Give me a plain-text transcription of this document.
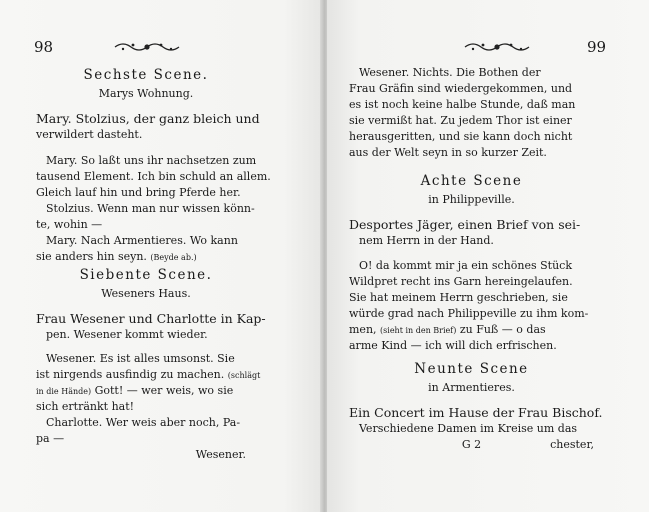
98
Sechste Scene.
Marys Wohnung.
Mary. Stolzius, der ganz bleich und
verwildert dasteht.
Mary. So laßt uns ihr nachsetzen zum
tausend Element. Ich bin schuld an allem.
Gleich lauf hin und bring Pferde her.
Stolzius. Wenn man nur wissen könn-
te, wohin —
Mary. Nach Armentieres. Wo kann
sie anders hin seyn. (Beyde ab.)
Siebente Scene.
Weseners Haus.
Frau Wesener und Charlotte in Kap-
pen. Wesener kommt wieder.
Wesener. Es ist alles umsonst. Sie
ist nirgends ausfindig zu machen. (schlägt
in die Hände) Gott! — wer weis, wo sie
sich ertränkt hat!
Charlotte. Wer weis aber noch, Pa-
pa —
Wesener.
99
Wesener. Nichts. Die Bothen der
Frau Gräfin sind wiedergekommen, und
es ist noch keine halbe Stunde, daß man
sie vermißt hat. Zu jedem Thor ist einer
herausgeritten, und sie kann doch nicht
aus der Welt seyn in so kurzer Zeit.
Achte Scene
in Philippeville.
Desportes Jäger, einen Brief von sei-
nem Herrn in der Hand.
O! da kommt mir ja ein schönes Stück
Wildpret recht ins Garn hereingelaufen.
Sie hat meinem Herrn geschrieben, sie
würde grad nach Philippeville zu ihm kom-
men, (sieht in den Brief) zu Fuß — o das
arme Kind — ich will dich erfrischen.
Neunte Scene
in Armentieres.
Ein Concert im Hause der Frau Bischof.
Verschiedene Damen im Kreise um das
G 2	chester,
